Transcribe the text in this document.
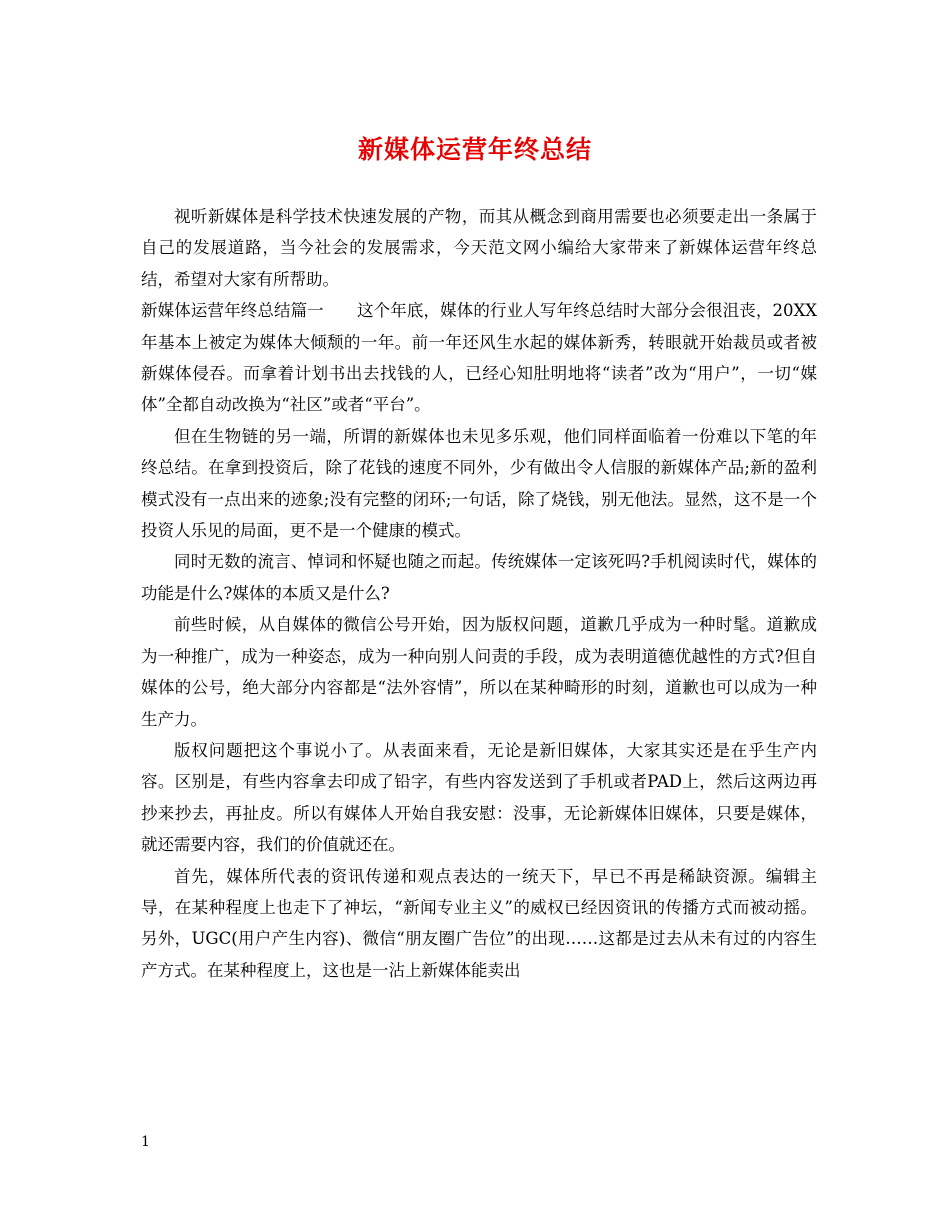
新媒体运营年终总结

视听新媒体是科学技术快速发展的产物，而其从概念到商用需要也必须要走出一条属于自己的发展道路，当今社会的发展需求，今天范文网小编给大家带来了新媒体运营年终总结，希望对大家有所帮助。

新媒体运营年终总结篇一　　这个年底，媒体的行业人写年终总结时大部分会很沮丧，20XX年基本上被定为媒体大倾颓的一年。前一年还风生水起的媒体新秀，转眼就开始裁员或者被新媒体侵吞。而拿着计划书出去找钱的人，已经心知肚明地将“读者”改为“用户”，一切“媒体”全都自动改换为“社区”或者“平台”。

但在生物链的另一端，所谓的新媒体也未见多乐观，他们同样面临着一份难以下笔的年终总结。在拿到投资后，除了花钱的速度不同外，少有做出令人信服的新媒体产品;新的盈利模式没有一点出来的迹象;没有完整的闭环;一句话，除了烧钱，别无他法。显然，这不是一个投资人乐见的局面，更不是一个健康的模式。

同时无数的流言、悼词和怀疑也随之而起。传统媒体一定该死吗?手机阅读时代，媒体的功能是什么?媒体的本质又是什么?

前些时候，从自媒体的微信公号开始，因为版权问题，道歉几乎成为一种时髦。道歉成为一种推广，成为一种姿态，成为一种向别人问责的手段，成为表明道德优越性的方式?但自媒体的公号，绝大部分内容都是“法外容情”，所以在某种畸形的时刻，道歉也可以成为一种生产力。

版权问题把这个事说小了。从表面来看，无论是新旧媒体，大家其实还是在乎生产内容。区别是，有些内容拿去印成了铅字，有些内容发送到了手机或者PAD上，然后这两边再抄来抄去，再扯皮。所以有媒体人开始自我安慰：没事，无论新媒体旧媒体，只要是媒体，就还需要内容，我们的价值就还在。

首先，媒体所代表的资讯传递和观点表达的一统天下，早已不再是稀缺资源。编辑主导，在某种程度上也走下了神坛，“新闻专业主义”的威权已经因资讯的传播方式而被动摇。另外，UGC(用户产生内容)、微信“朋友圈广告位”的出现……这都是过去从未有过的内容生产方式。在某种程度上，这也是一沾上新媒体能卖出

1
